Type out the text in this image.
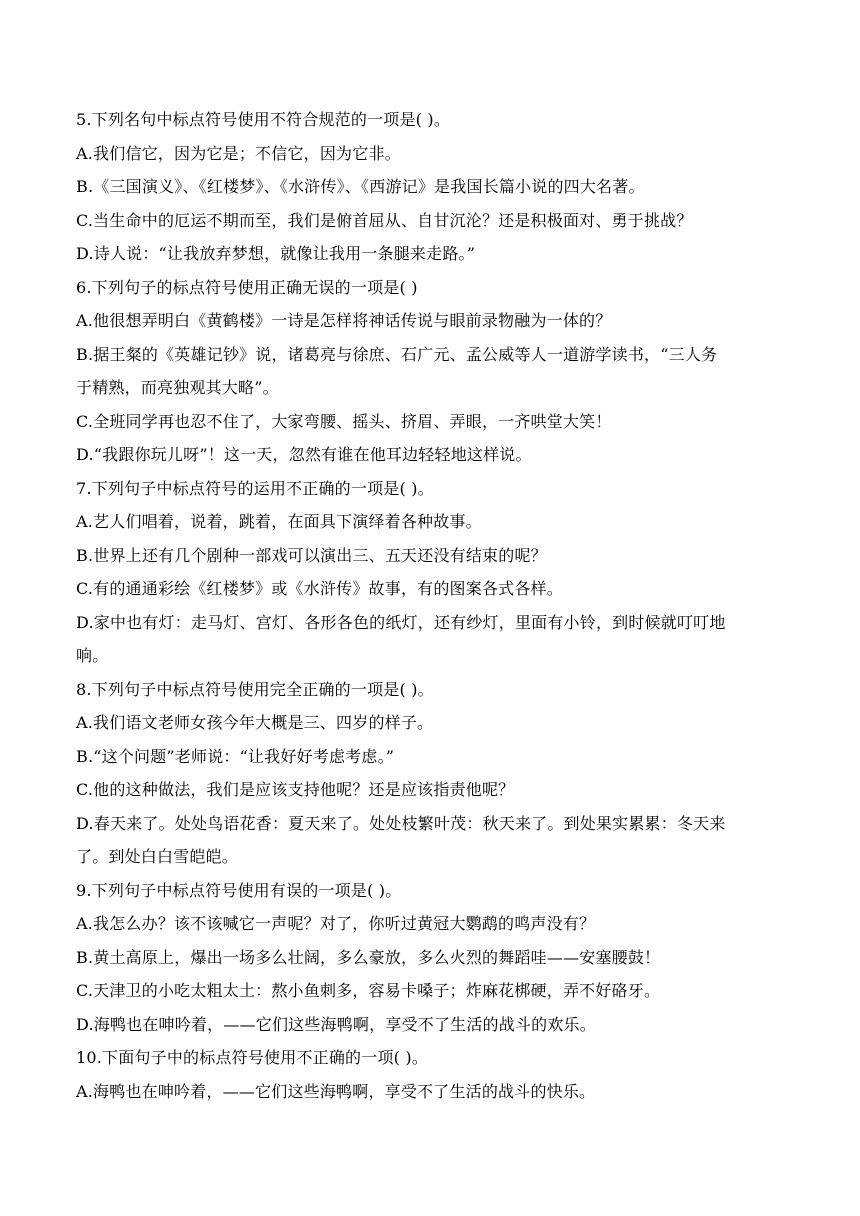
5.下列名句中标点符号使用不符合规范的一项是( )。
A.我们信它，因为它是；不信它，因为它非。
B.《三国演义》、《红楼梦》、《水浒传》、《西游记》是我国长篇小说的四大名著。
C.当生命中的厄运不期而至，我们是俯首屈从、自甘沉沦？还是积极面对、勇于挑战？
D.诗人说：“让我放弃梦想，就像让我用一条腿来走路。”
6.下列句子的标点符号使用正确无误的一项是( )
A.他很想弄明白《黄鹤楼》一诗是怎样将神话传说与眼前录物融为一体的？
B.据王粲的《英雄记钞》说，诸葛亮与徐庶、石广元、孟公威等人一道游学读书，“三人务
于精熟，而亮独观其大略”。
C.全班同学再也忍不住了，大家弯腰、摇头、挤眉、弄眼，一齐哄堂大笑！
D.“我跟你玩儿呀”！这一天，忽然有谁在他耳边轻轻地这样说。
7.下列句子中标点符号的运用不正确的一项是( )。
A.艺人们唱着，说着，跳着，在面具下演绎着各种故事。
B.世界上还有几个剧种一部戏可以演出三、五天还没有结束的呢？
C.有的通通彩绘《红楼梦》或《水浒传》故事，有的图案各式各样。
D.家中也有灯：走马灯、宫灯、各形各色的纸灯，还有纱灯，里面有小铃，到时候就叮叮地
响。
8.下列句子中标点符号使用完全正确的一项是( )。
A.我们语文老师女孩今年大概是三、四岁的样子。
B.“这个问题”老师说：“让我好好考虑考虑。”
C.他的这种做法，我们是应该支持他呢？还是应该指责他呢？
D.春天来了。处处鸟语花香：夏天来了。处处枝繁叶茂：秋天来了。到处果实累累：冬天来
了。到处白白雪皑皑。
9.下列句子中标点符号使用有误的一项是( )。
A.我怎么办？该不该喊它一声呢？对了，你听过黄冠大鹦鹉的鸣声没有？
B.黄土高原上，爆出一场多么壮阔，多么豪放，多么火烈的舞蹈哇——安塞腰鼓！
C.天津卫的小吃太粗太土：熬小鱼刺多，容易卡嗓子；炸麻花梆硬，弄不好硌牙。
D.海鸭也在呻吟着，——它们这些海鸭啊，享受不了生活的战斗的欢乐。
10.下面句子中的标点符号使用不正确的一项( )。
A.海鸭也在呻吟着，——它们这些海鸭啊，享受不了生活的战斗的快乐。
